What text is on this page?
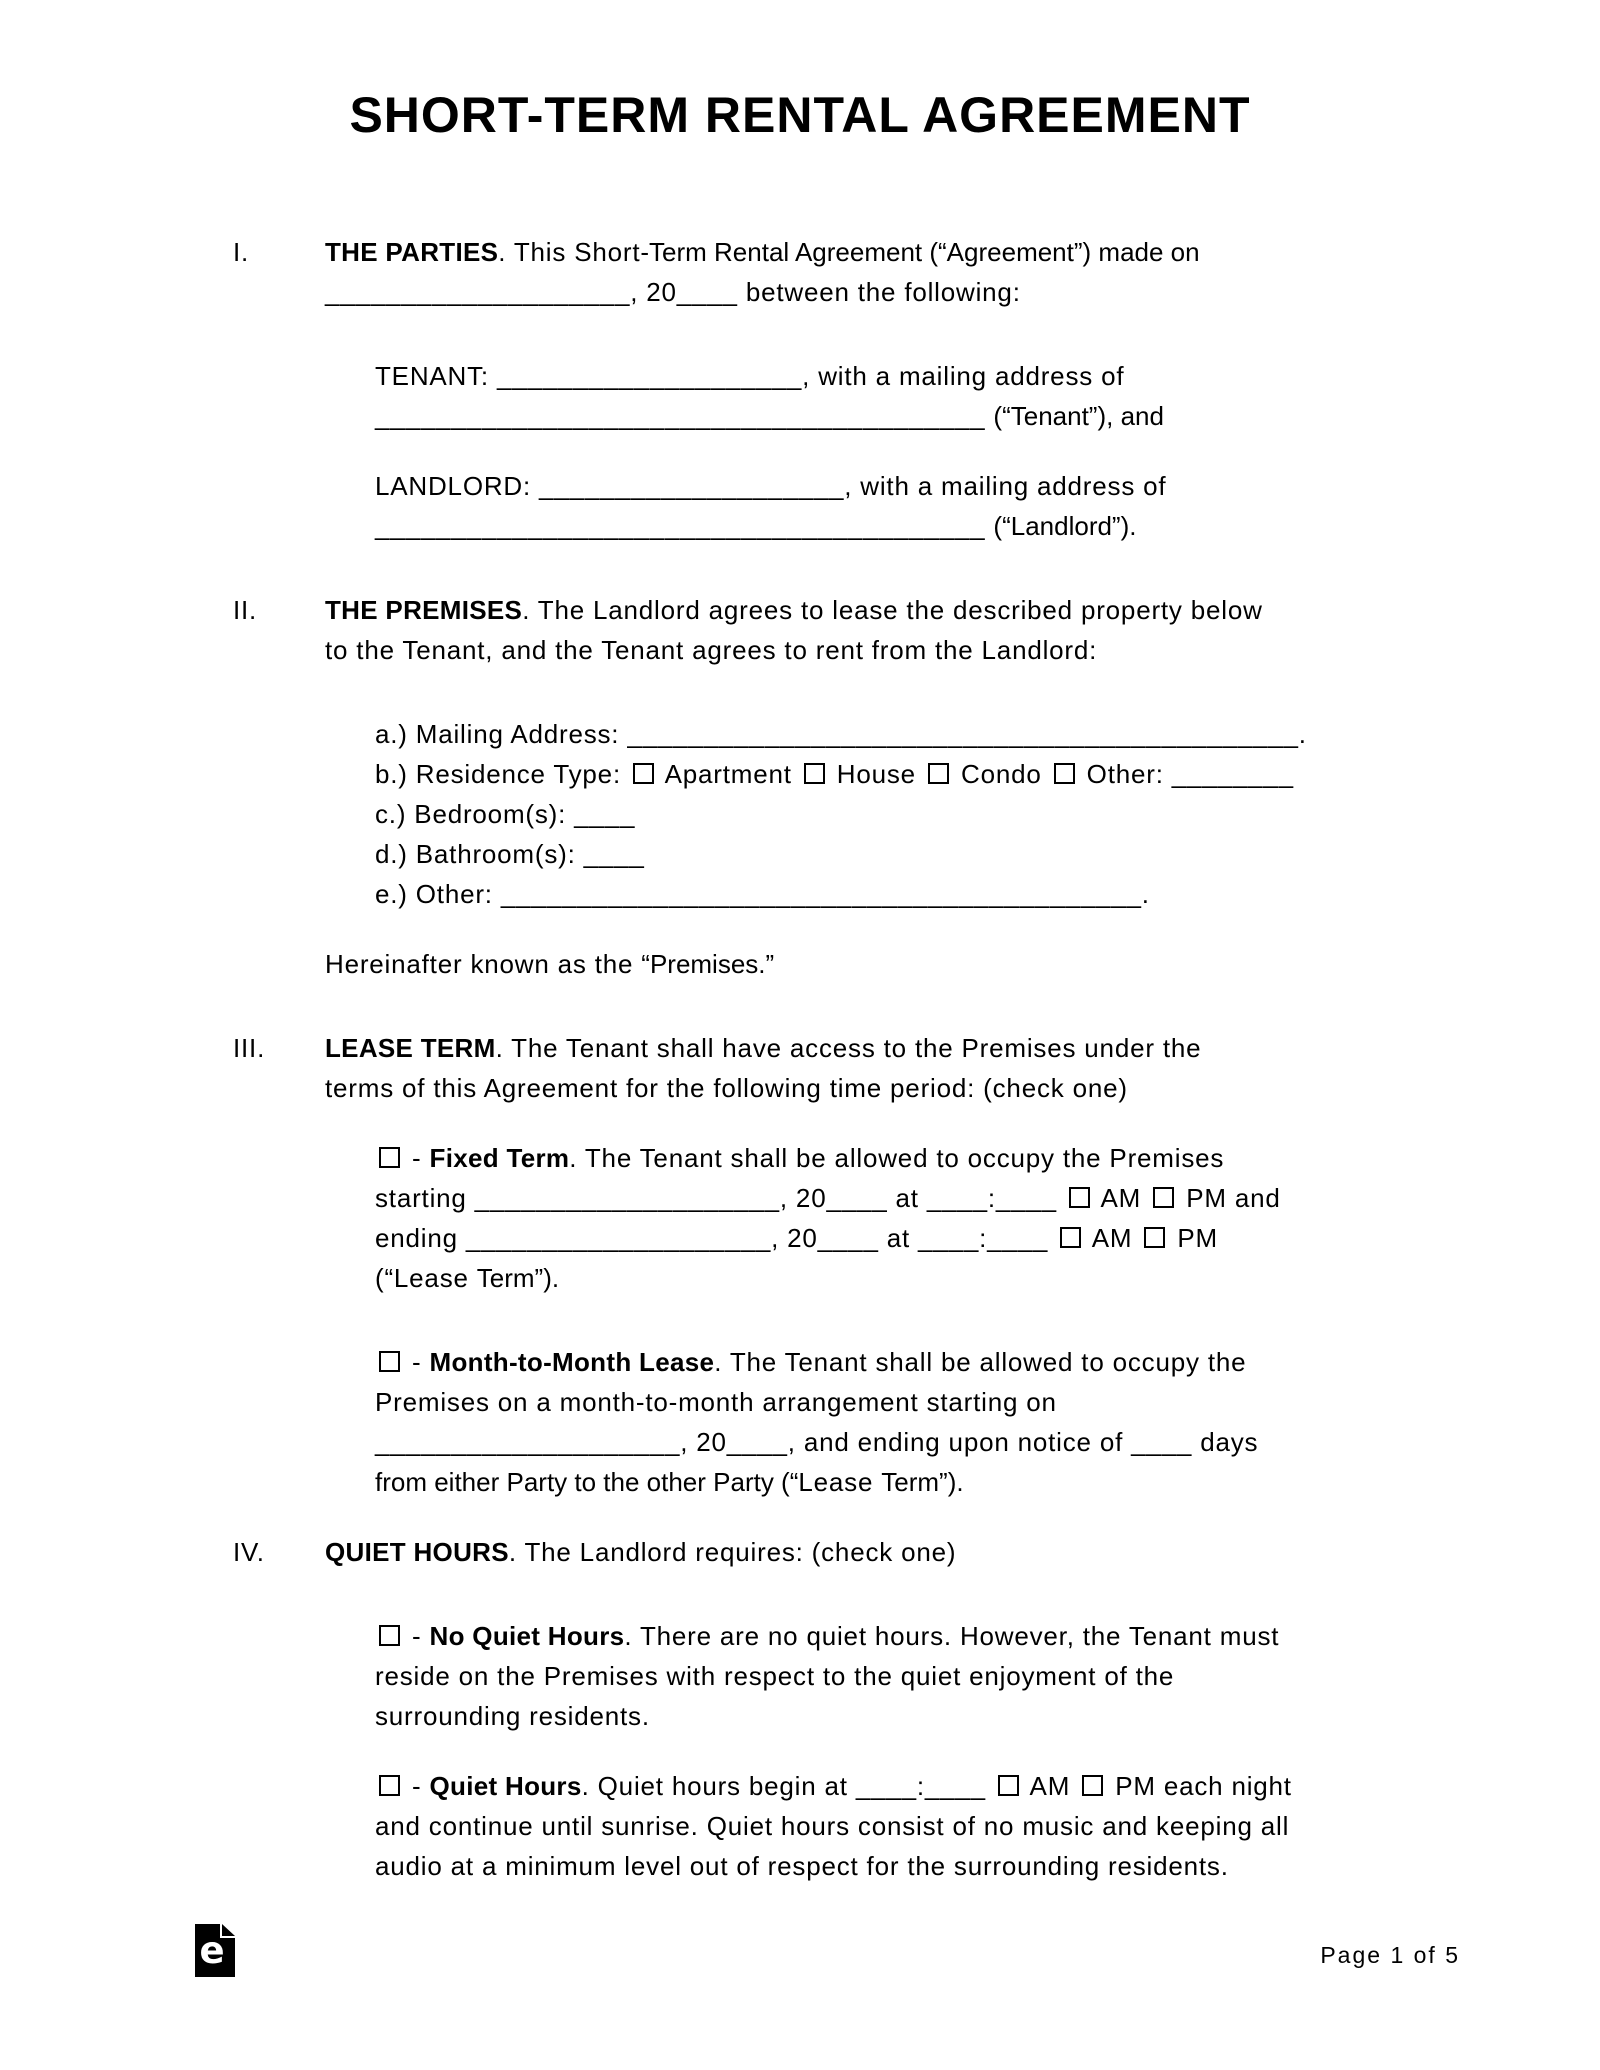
SHORT-TERM RENTAL AGREEMENT
I.	THE PARTIES. This Short-Term Rental Agreement (“Agreement”) made on
____________________, 20____ between the following:
TENANT: ____________________, with a mailing address of
________________________________________ (“Tenant”), and
LANDLORD: ____________________, with a mailing address of
________________________________________ (“Landlord”).
II.	THE PREMISES. The Landlord agrees to lease the described property below
to the Tenant, and the Tenant agrees to rent from the Landlord:
a.) Mailing Address: ____________________________________________.
b.) Residence Type:  Apartment  House  Condo  Other: ________
c.) Bedroom(s): ____
d.) Bathroom(s): ____
e.) Other: __________________________________________.
Hereinafter known as the “Premises.”
III.	LEASE TERM. The Tenant shall have access to the Premises under the
terms of this Agreement for the following time period: (check one)
- Fixed Term. The Tenant shall be allowed to occupy the Premises
starting ____________________, 20____ at ____:____  AM  PM and
ending ____________________, 20____ at ____:____  AM  PM
(“Lease Term”).
- Month-to-Month Lease. The Tenant shall be allowed to occupy the
Premises on a month-to-month arrangement starting on
____________________, 20____, and ending upon notice of ____ days
from either Party to the other Party (“Lease Term”).
IV.	QUIET HOURS. The Landlord requires: (check one)
- No Quiet Hours. There are no quiet hours. However, the Tenant must
reside on the Premises with respect to the quiet enjoyment of the
surrounding residents.
- Quiet Hours. Quiet hours begin at ____:____  AM  PM each night
and continue until sunrise. Quiet hours consist of no music and keeping all
audio at a minimum level out of respect for the surrounding residents.
e	Page 1 of 5
